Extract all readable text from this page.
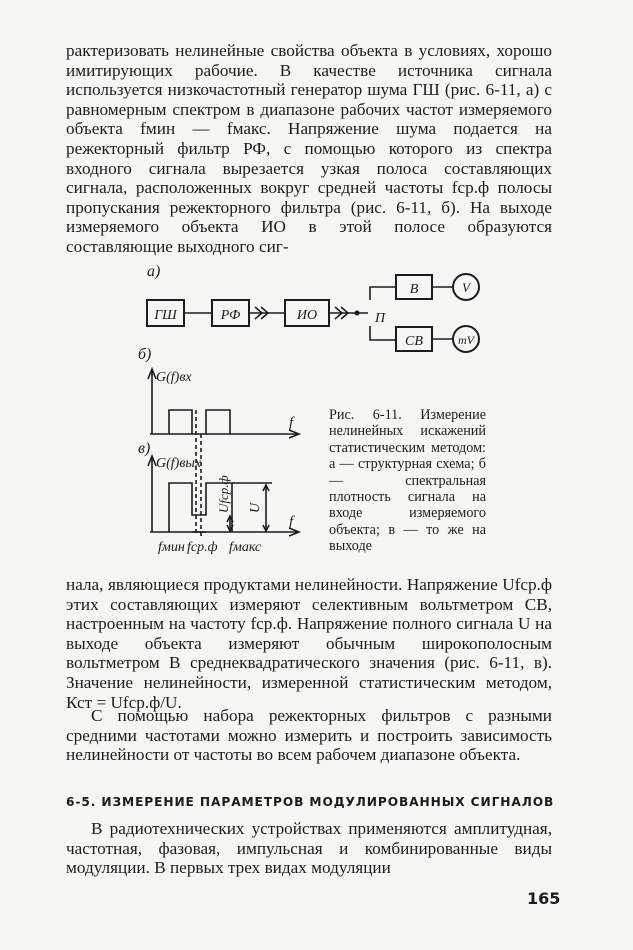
рактеризовать нелинейные свойства объекта в условиях, хорошо имитирующих рабочие. В качестве источника сигнала используется низкочастотный генератор шума ГШ (рис. 6-11, а) с равномерным спектром в диапазоне рабочих частот измеряемого объекта fмин — fмакс. Напряжение шума подается на режекторный фильтр РФ, с помощью которого из спектра входного сигнала вырезается узкая полоса составляющих сигнала, расположенных вокруг средней частоты fср.ф полосы пропускания режекторного фильтра (рис. 6-11, б). На выходе измеряемого объекта ИО в этой полосе образуются составляющие выходного сиг-

а)
ГШ	РФ	ИО	П
В
СВ
V
mV
б)
G(f)вх
f
в)
G(f)вых
f
Ufср.ф U
fмин fср.ф fмакс

Рис. 6-11. Измерение нелинейных искажений статистическим методом: а — структурная схема; б — спектральная плотность сигнала на входе измеряемого объекта; в — то же на выходе

нала, являющиеся продуктами нелинейности. Напряжение Ufср.ф этих составляющих измеряют селективным вольтметром СВ, настроенным на частоту fср.ф. Напряжение полного сигнала U на выходе объекта измеряют обычным широкополосным вольтметром В среднеквадратического значения (рис. 6-11, в). Значение нелинейности, измеренной статистическим методом, Кст = Ufср.ф/U.

С помощью набора режекторных фильтров с разными средними частотами можно измерить и построить зависимость нелинейности от частоты во всем рабочем диапазоне объекта.

6-5. ИЗМЕРЕНИЕ ПАРАМЕТРОВ МОДУЛИРОВАННЫХ СИГНАЛОВ

В радиотехнических устройствах применяются амплитудная, частотная, фазовая, импульсная и комбинированные виды модуляции. В первых трех видах модуляции

165
